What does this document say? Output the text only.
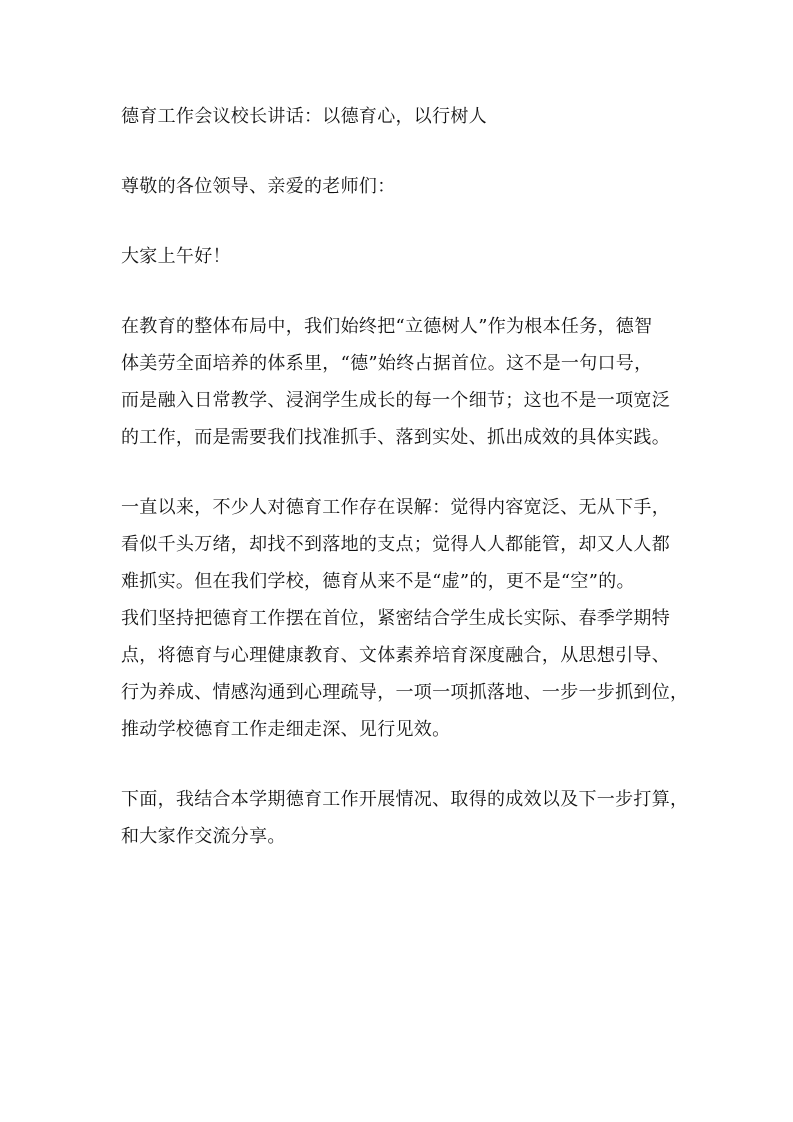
德育工作会议校长讲话：以德育心，以行树人

尊敬的各位领导、亲爱的老师们：

大家上午好！

在教育的整体布局中，我们始终把“立德树人”作为根本任务，德智

体美劳全面培养的体系里，“德”始终占据首位。这不是一句口号，

而是融入日常教学、浸润学生成长的每一个细节；这也不是一项宽泛

的工作，而是需要我们找准抓手、落到实处、抓出成效的具体实践。

一直以来，不少人对德育工作存在误解：觉得内容宽泛、无从下手，

看似千头万绪，却找不到落地的支点；觉得人人都能管，却又人人都

难抓实。但在我们学校，德育从来不是“虚”的，更不是“空”的。

我们坚持把德育工作摆在首位，紧密结合学生成长实际、春季学期特

点，将德育与心理健康教育、文体素养培育深度融合，从思想引导、

行为养成、情感沟通到心理疏导，一项一项抓落地、一步一步抓到位，

推动学校德育工作走细走深、见行见效。

下面，我结合本学期德育工作开展情况、取得的成效以及下一步打算，

和大家作交流分享。
